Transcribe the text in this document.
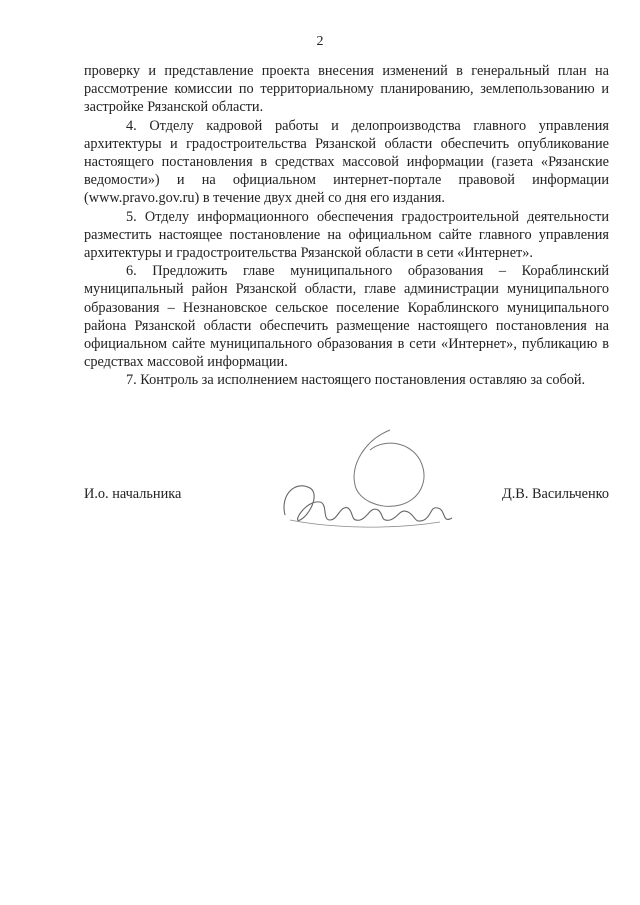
2

проверку и представление проекта внесения изменений в генеральный план на рассмотрение комиссии по территориальному планированию, землепользованию и застройке Рязанской области.

4. Отделу кадровой работы и делопроизводства главного управления архитектуры и градостроительства Рязанской области обеспечить опубликование настоящего постановления в средствах массовой информации (газета «Рязанские ведомости») и на официальном интернет-портале правовой информации (www.pravo.gov.ru) в течение двух дней со дня его издания.

5. Отделу информационного обеспечения градостроительной деятельности разместить настоящее постановление на официальном сайте главного управления архитектуры и градостроительства Рязанской области в сети «Интернет».

6. Предложить главе муниципального образования – Кораблинский муниципальный район Рязанской области, главе администрации муниципального образования – Незнановское сельское поселение Кораблинского муниципального района Рязанской области обеспечить размещение настоящего постановления на официальном сайте муниципального образования в сети «Интернет», публикацию в средствах массовой информации.

7. Контроль за исполнением настоящего постановления оставляю за собой.

И.о. начальника	Д.В. Васильченко
